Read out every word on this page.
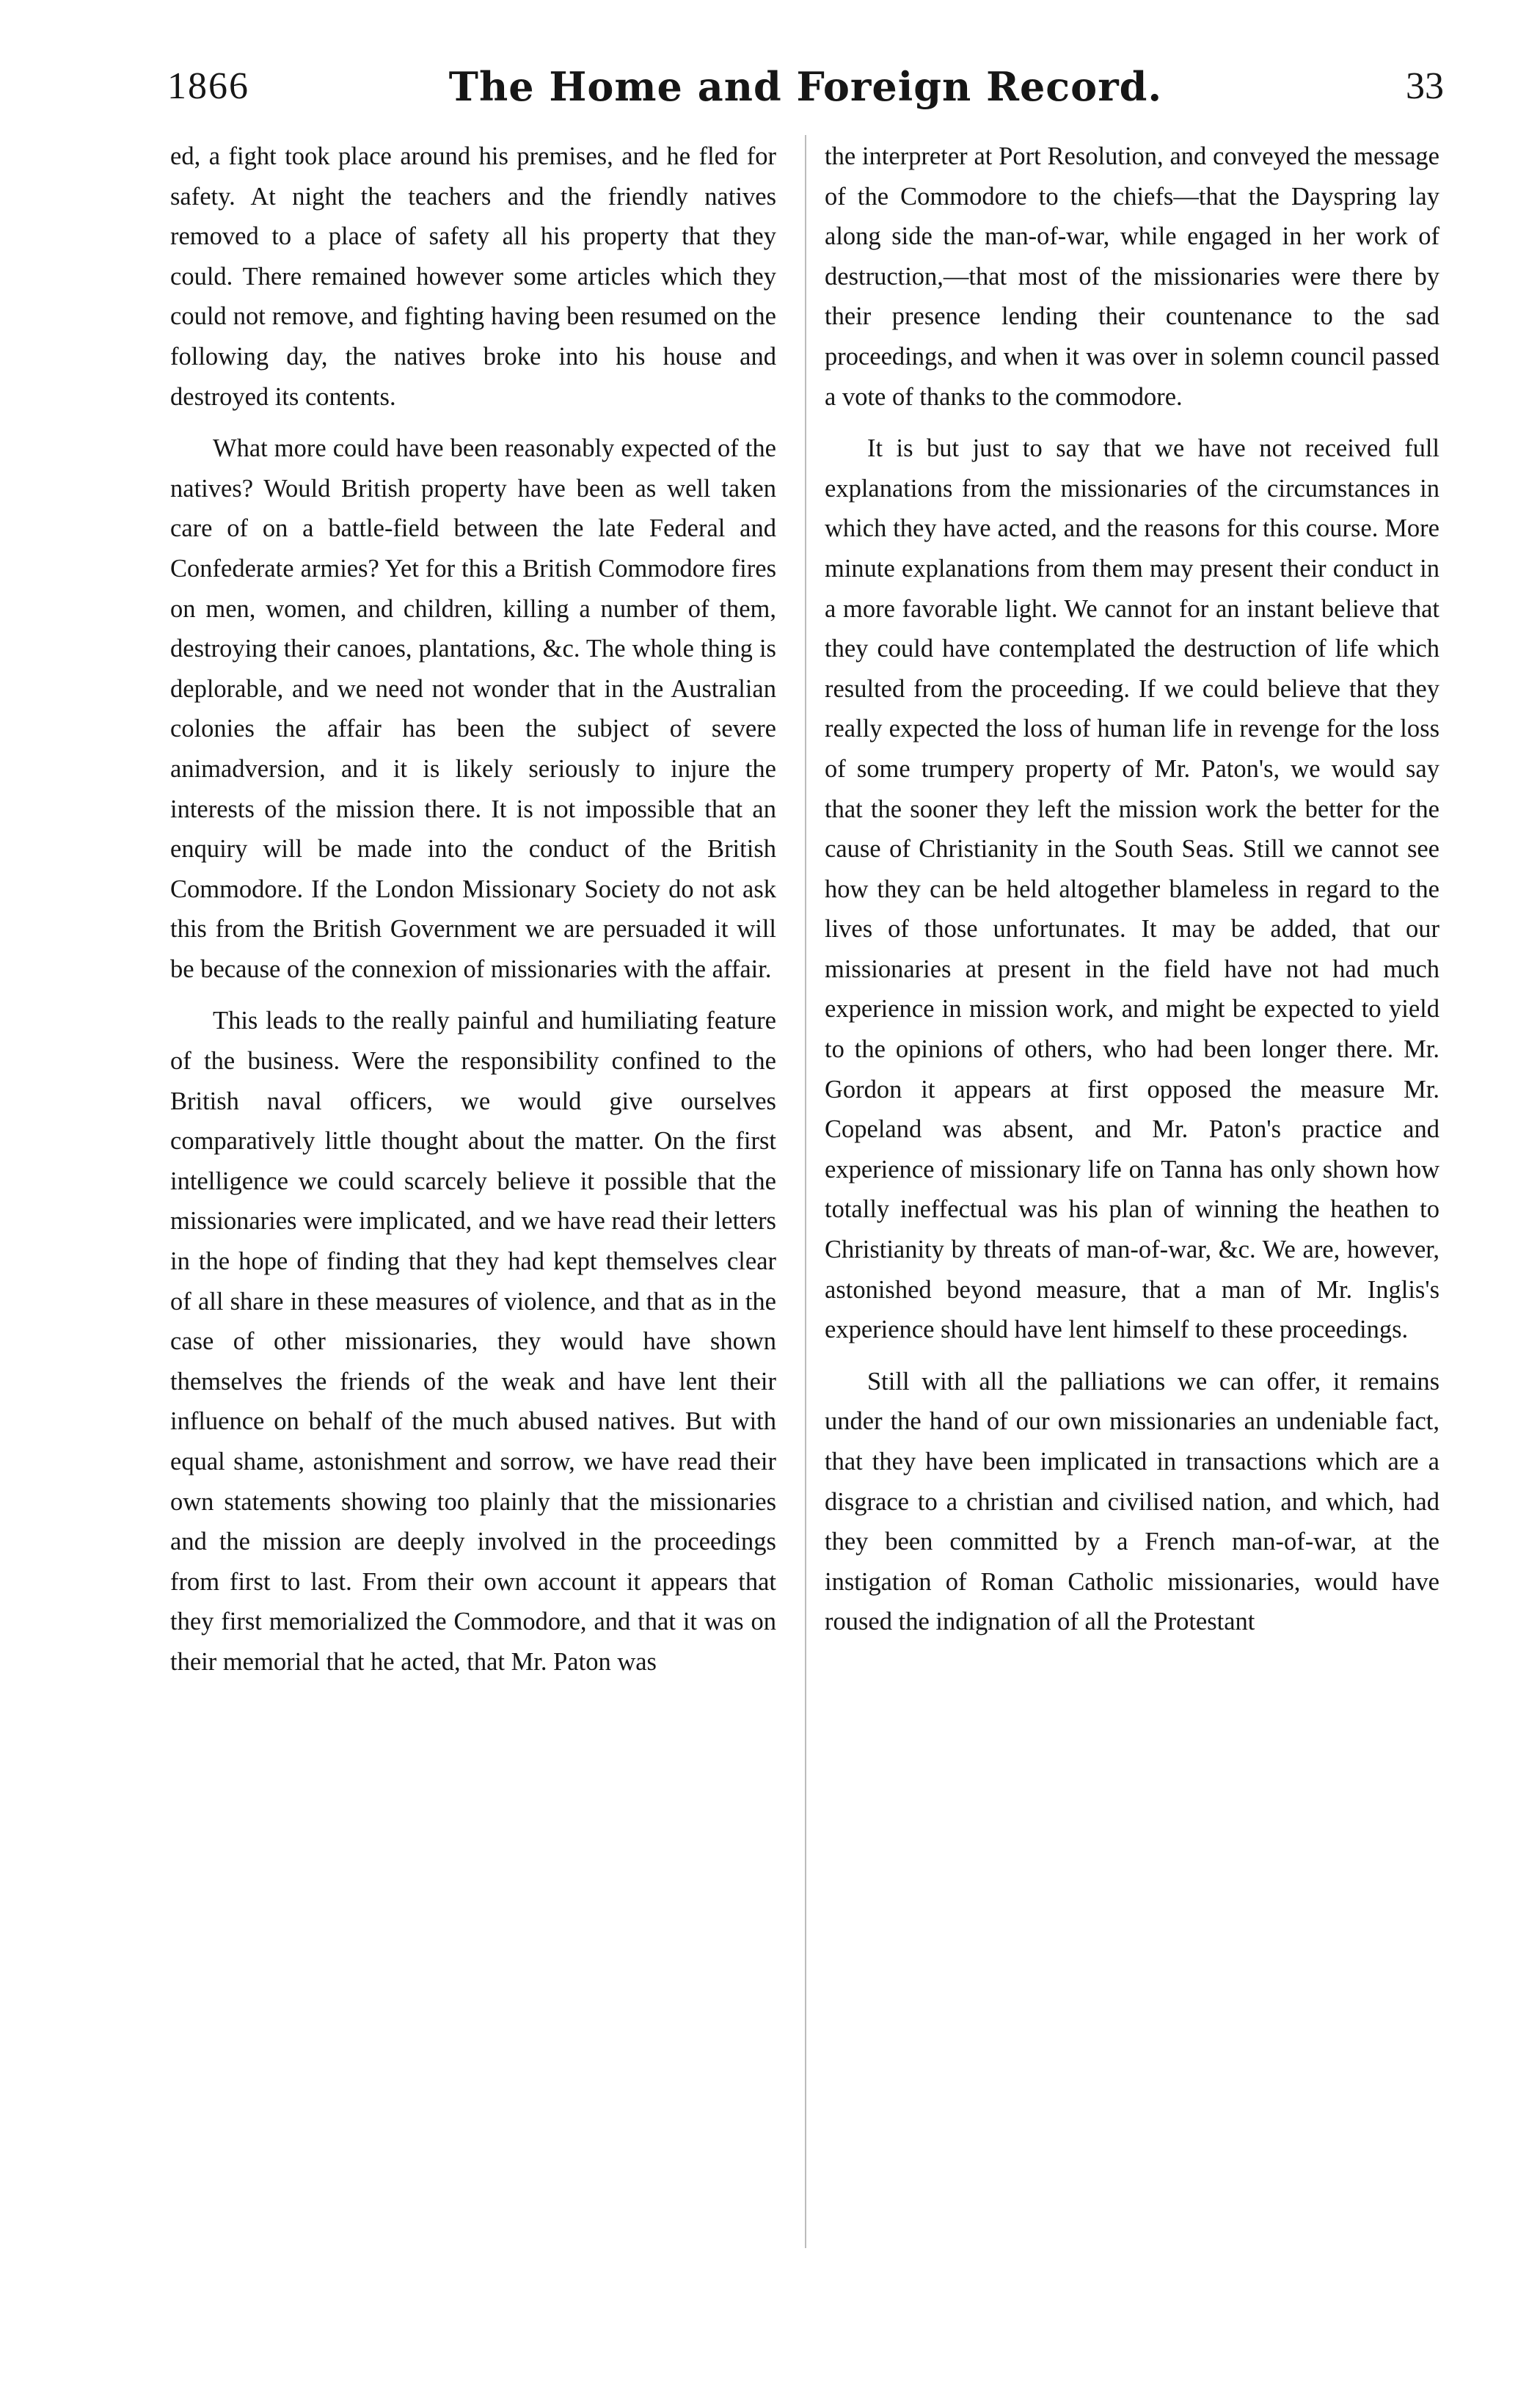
1866	The Home and Foreign Record.	33

ed, a fight took place around his premises, and he fled for safety. At night the teachers and the friendly natives removed to a place of safety all his property that they could. There remained however some articles which they could not remove, and fighting having been resumed on the following day, the natives broke into his house and destroyed its contents.

What more could have been reasonably expected of the natives? Would British property have been as well taken care of on a battle-field between the late Federal and Confederate armies? Yet for this a British Commodore fires on men, women, and children, killing a number of them, destroying their canoes, plantations, &c. The whole thing is deplorable, and we need not wonder that in the Australian colonies the affair has been the subject of severe animadversion, and it is likely seriously to injure the interests of the mission there. It is not impossible that an enquiry will be made into the conduct of the British Commodore. If the London Missionary Society do not ask this from the British Government we are persuaded it will be because of the connexion of missionaries with the affair.

This leads to the really painful and humiliating feature of the business. Were the responsibility confined to the British naval officers, we would give ourselves comparatively little thought about the matter. On the first intelligence we could scarcely believe it possible that the missionaries were implicated, and we have read their letters in the hope of finding that they had kept themselves clear of all share in these measures of violence, and that as in the case of other missionaries, they would have shown themselves the friends of the weak and have lent their influence on behalf of the much abused natives. But with equal shame, astonishment and sorrow, we have read their own statements showing too plainly that the missionaries and the mission are deeply involved in the proceedings from first to last. From their own account it appears that they first memorialized the Commodore, and that it was on their memorial that he acted, that Mr. Paton was

the interpreter at Port Resolution, and conveyed the message of the Commodore to the chiefs—that the Dayspring lay along side the man-of-war, while engaged in her work of destruction,—that most of the missionaries were there by their presence lending their countenance to the sad proceedings, and when it was over in solemn council passed a vote of thanks to the commodore.

It is but just to say that we have not received full explanations from the missionaries of the circumstances in which they have acted, and the reasons for this course. More minute explanations from them may present their conduct in a more favorable light. We cannot for an instant believe that they could have contemplated the destruction of life which resulted from the proceeding. If we could believe that they really expected the loss of human life in revenge for the loss of some trumpery property of Mr. Paton's, we would say that the sooner they left the mission work the better for the cause of Christianity in the South Seas. Still we cannot see how they can be held altogether blameless in regard to the lives of those unfortunates. It may be added, that our missionaries at present in the field have not had much experience in mission work, and might be expected to yield to the opinions of others, who had been longer there. Mr. Gordon it appears at first opposed the measure Mr. Copeland was absent, and Mr. Paton's practice and experience of missionary life on Tanna has only shown how totally ineffectual was his plan of winning the heathen to Christianity by threats of man-of-war, &c. We are, however, astonished beyond measure, that a man of Mr. Inglis's experience should have lent himself to these proceedings.

Still with all the palliations we can offer, it remains under the hand of our own missionaries an undeniable fact, that they have been implicated in transactions which are a disgrace to a christian and civilised nation, and which, had they been committed by a French man-of-war, at the instigation of Roman Catholic missionaries, would have roused the indignation of all the Protestant
